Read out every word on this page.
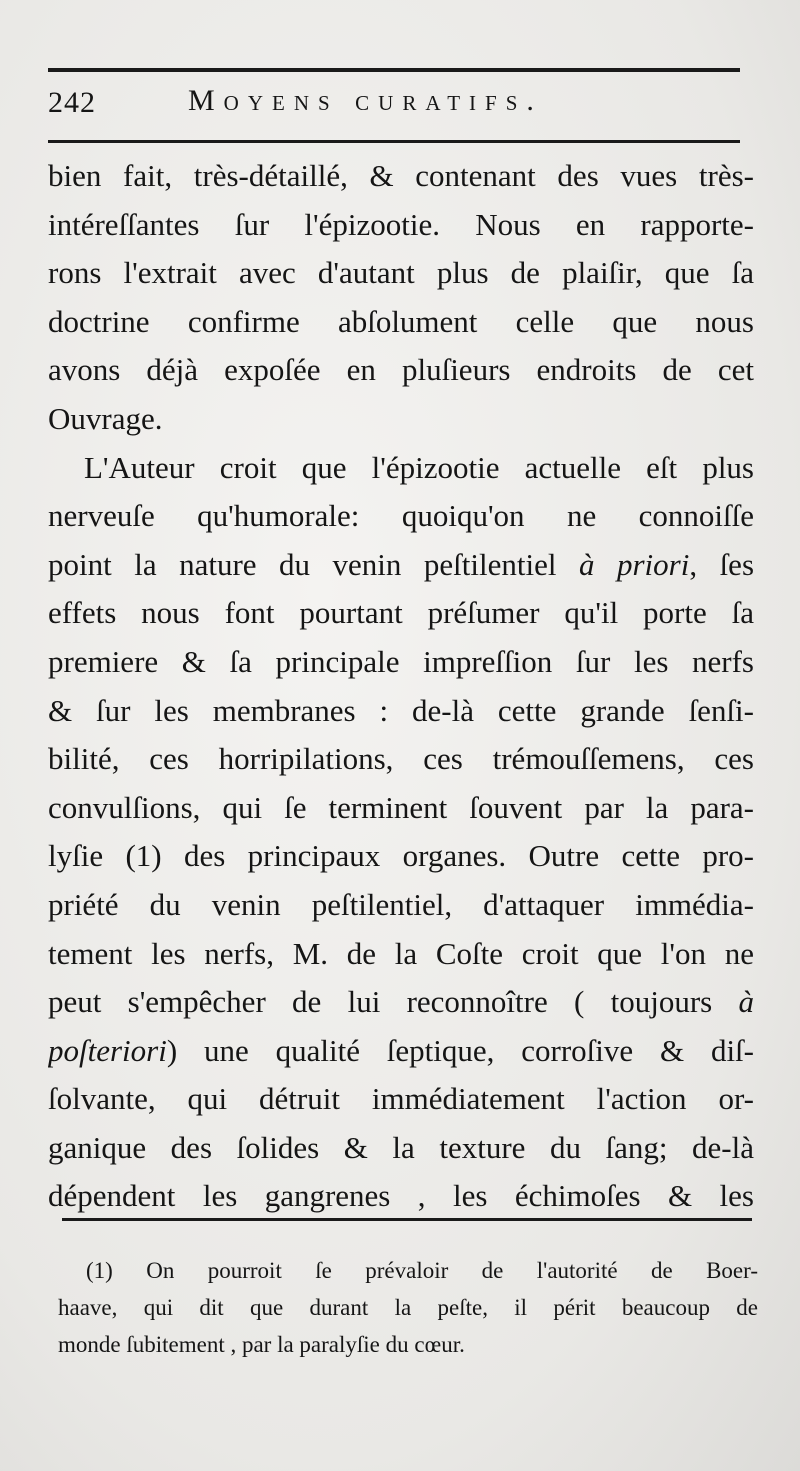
242	Moyens curatifs.
bien fait, très-détaillé, & contenant des vues très-
intéreſſantes ſur l'épizootie. Nous en rapporte-
rons l'extrait avec d'autant plus de plaiſir, que ſa
doctrine confirme abſolument celle que nous
avons déjà expoſée en pluſieurs endroits de cet
Ouvrage.
L'Auteur croit que l'épizootie actuelle eſt plus
nerveuſe qu'humorale: quoiqu'on ne connoiſſe
point la nature du venin peſtilentiel à priori, ſes
effets nous font pourtant préſumer qu'il porte ſa
premiere & ſa principale impreſſion ſur les nerfs
& ſur les membranes : de-là cette grande ſenſi-
bilité, ces horripilations, ces trémouſſemens, ces
convulſions, qui ſe terminent ſouvent par la para-
lyſie (1) des principaux organes. Outre cette pro-
priété du venin peſtilentiel, d'attaquer immédia-
tement les nerfs, M. de la Coſte croit que l'on ne
peut s'empêcher de lui reconnoître ( toujours à
poſteriori) une qualité ſeptique, corroſive & diſ-
ſolvante, qui détruit immédiatement l'action or-
ganique des ſolides & la texture du ſang; de-là
dépendent les gangrenes , les échimoſes & les
(1) On pourroit ſe prévaloir de l'autorité de Boer-
haave, qui dit que durant la peſte, il périt beaucoup de
monde ſubitement , par la paralyſie du cœur.
